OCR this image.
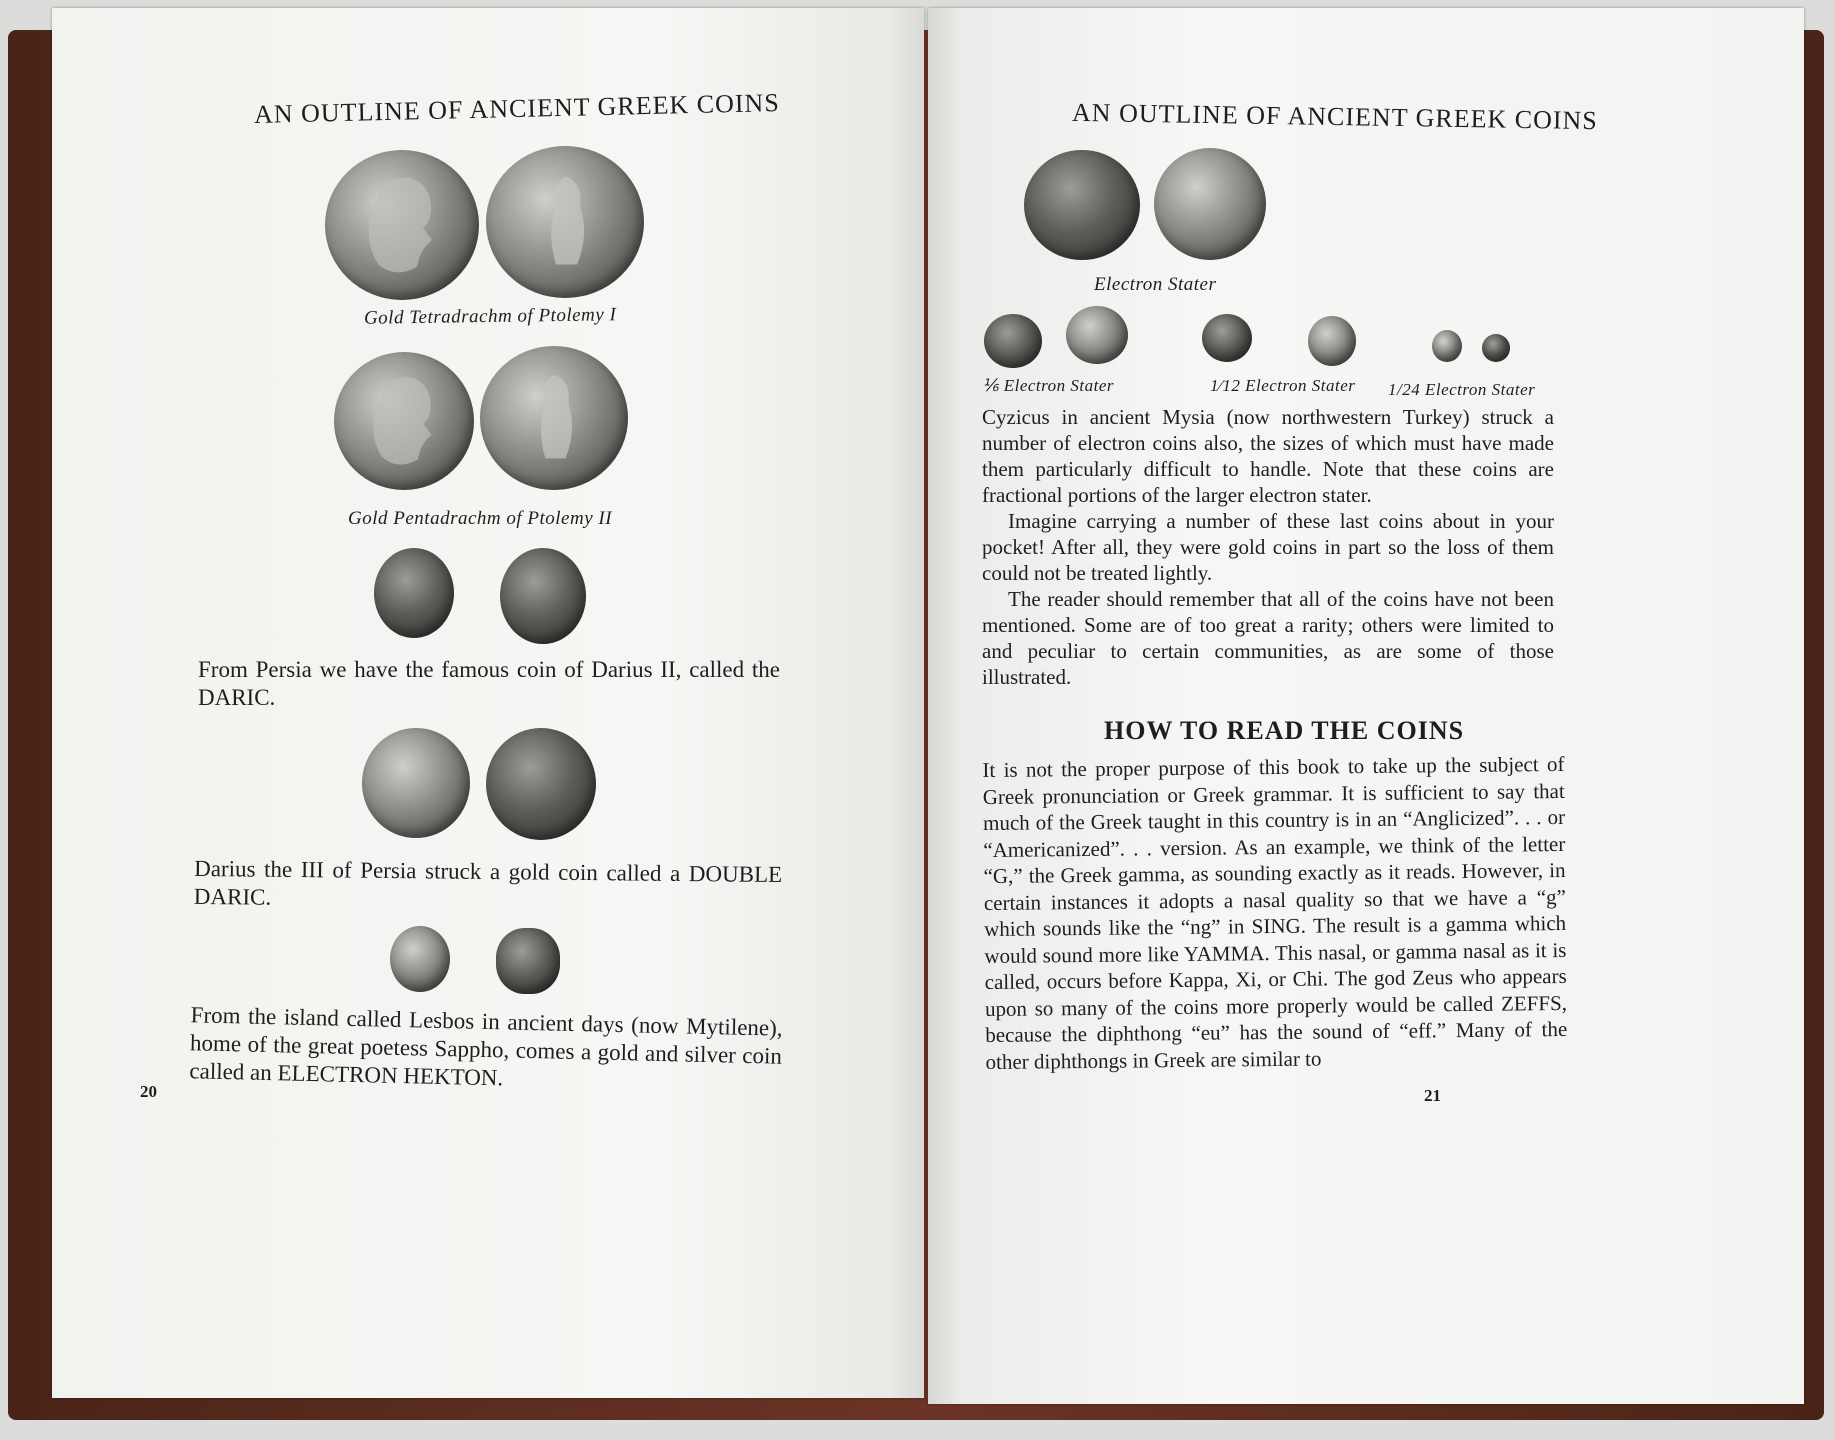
AN OUTLINE OF ANCIENT GREEK COINS
Gold Tetradrachm of Ptolemy I
Gold Pentadrachm of Ptolemy II

From Persia we have the famous coin of Darius II, called the DARIC.

Darius the III of Persia struck a gold coin called a DOUBLE DARIC.

From the island called Lesbos in ancient days (now Mytilene), home of the great poetess Sappho, comes a gold and silver coin called an ELECTRON HEKTON.

20
AN OUTLINE OF ANCIENT GREEK COINS
Electron Stater
⅙ Electron Stater	1⁄12 Electron Stater 1/24 Electron Stater

Cyzicus in ancient Mysia (now northwestern Turkey) struck a number of electron coins also, the sizes of which must have made them particularly difficult to handle. Note that these coins are fractional portions of the larger electron stater.

Imagine carrying a number of these last coins about in your pocket! After all, they were gold coins in part so the loss of them could not be treated lightly.

The reader should remember that all of the coins have not been mentioned. Some are of too great a rarity; others were limited to and peculiar to certain communities, as are some of those illustrated.

HOW TO READ THE COINS

It is not the proper purpose of this book to take up the subject of Greek pronunciation or Greek grammar. It is sufficient to say that much of the Greek taught in this country is in an “Anglicized”. . . or “Americanized”. . . version. As an example, we think of the letter “G,” the Greek gamma, as sounding exactly as it reads. However, in certain instances it adopts a nasal quality so that we have a “g” which sounds like the “ng” in SING. The result is a gamma which would sound more like YAMMA. This nasal, or gamma nasal as it is called, occurs before Kappa, Xi, or Chi. The god Zeus who appears upon so many of the coins more properly would be called ZEFFS, because the diphthong “eu” has the sound of “eff.” Many of the other diphthongs in Greek are similar to

21
